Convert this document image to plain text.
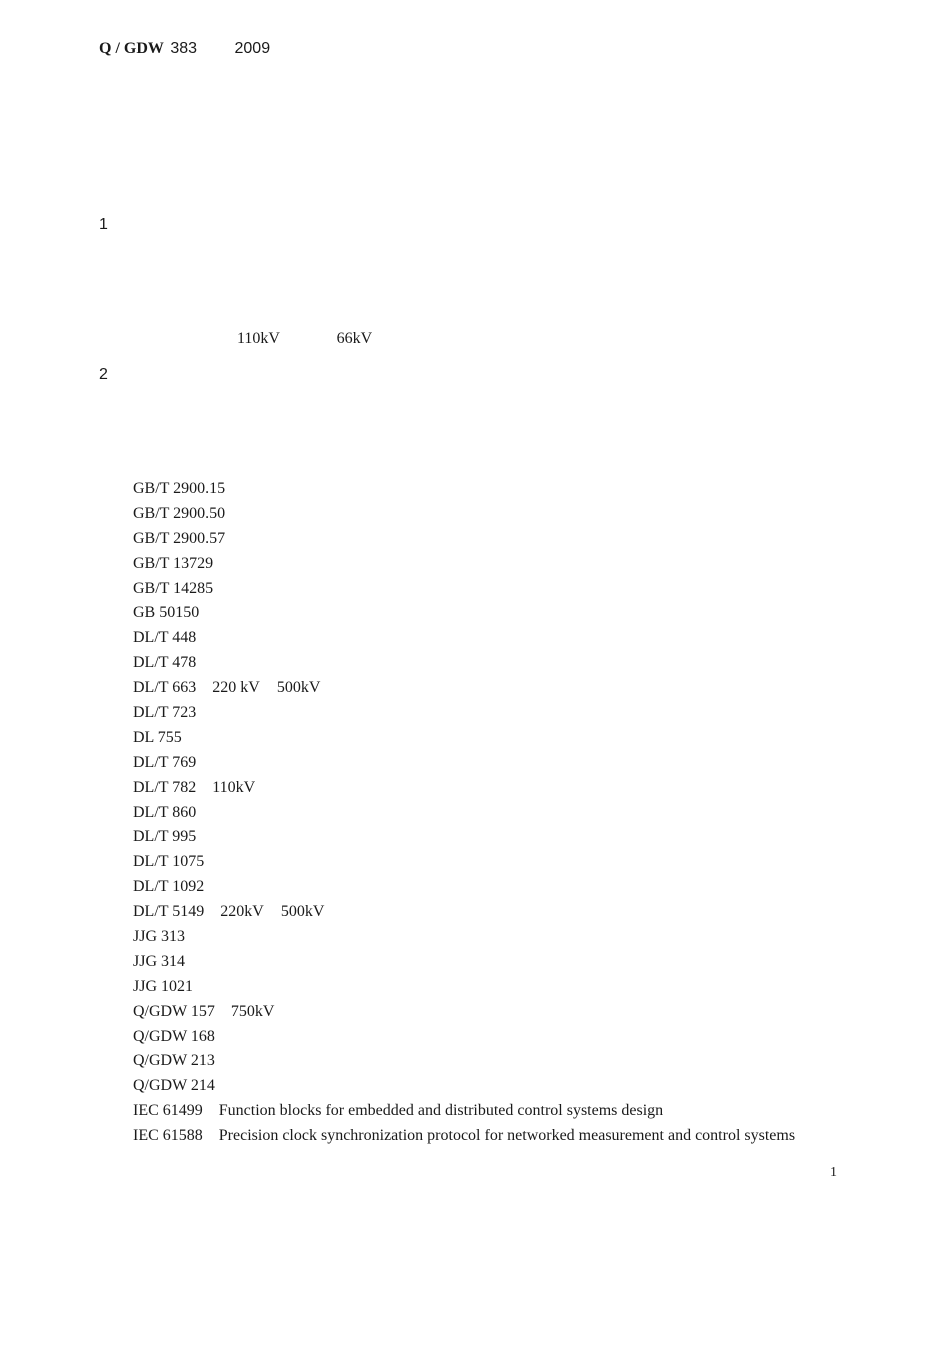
Q / GDW 383 2009
1
110kV	66kV
2
GB/T 2900.15
GB/T 2900.50
GB/T 2900.57
GB/T 13729
GB/T 14285
GB 50150
DL/T 448
DL/T 478
DL/T 663 220 kV 500kV
DL/T 723
DL 755
DL/T 769
DL/T 782 110kV
DL/T 860
DL/T 995
DL/T 1075
DL/T 1092
DL/T 5149 220kV 500kV
JJG 313
JJG 314
JJG 1021
Q/GDW 157 750kV
Q/GDW 168
Q/GDW 213
Q/GDW 214
IEC 61499 Function blocks for embedded and distributed control systems design
IEC 61588 Precision clock synchronization protocol for networked measurement and control systems
1
